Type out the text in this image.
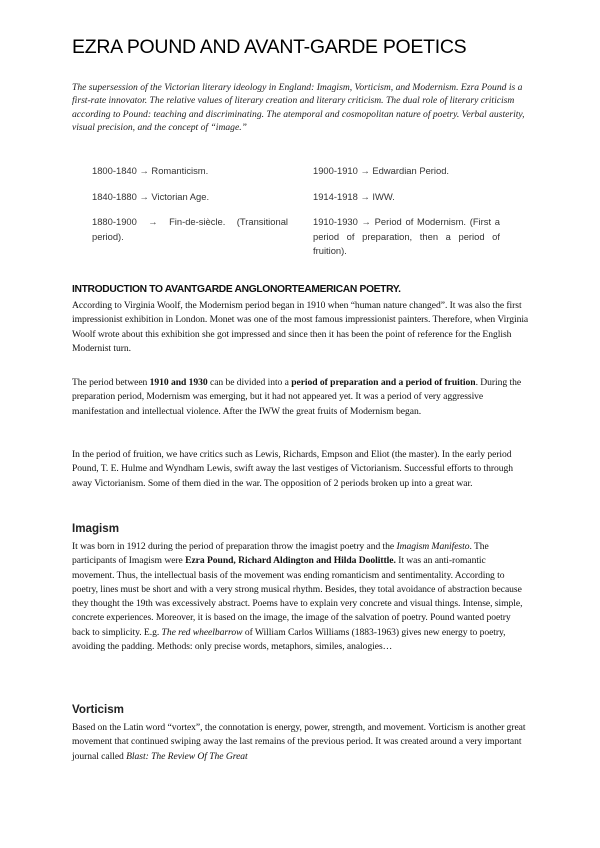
EZRA POUND AND AVANT-GARDE POETICS

The supersession of the Victorian literary ideology in England: Imagism, Vorticism, and Modernism. Ezra Pound is a first-rate innovator. The relative values of literary creation and literary criticism. The dual role of literary criticism according to Pound: teaching and discriminating. The atemporal and cosmopolitan nature of poetry. Verbal austerity, visual precision, and the concept of “image.”

1800-1840 → Romanticism.

1840-1880 → Victorian Age.

1880-1900 → Fin-de-siècle. (Transitional period).

1900-1910 → Edwardian Period.

1914-1918 → IWW.

1910-1930 → Period of Modernism. (First a period of preparation, then a period of fruition).

INTRODUCTION TO AVANTGARDE ANGLONORTEAMERICAN POETRY.

According to Virginia Woolf, the Modernism period began in 1910 when “human nature changed”. It was also the first impressionist exhibition in London. Monet was one of the most famous impressionist painters. Therefore, when Virginia Woolf wrote about this exhibition she got impressed and since then it has been the point of reference for the English Modernist turn.

The period between 1910 and 1930 can be divided into a period of preparation and a period of fruition. During the preparation period, Modernism was emerging, but it had not appeared yet. It was a period of very aggressive manifestation and intellectual violence. After the IWW the great fruits of Modernism began.

In the period of fruition, we have critics such as Lewis, Richards, Empson and Eliot (the master). In the early period Pound, T. E. Hulme and Wyndham Lewis, swift away the last vestiges of Victorianism. Successful efforts to through away Victorianism. Some of them died in the war. The opposition of 2 periods broken up into a great war.

Imagism

It was born in 1912 during the period of preparation throw the imagist poetry and the Imagism Manifesto. The participants of Imagism were Ezra Pound, Richard Aldington and Hilda Doolittle. It was an anti-romantic movement. Thus, the intellectual basis of the movement was ending romanticism and sentimentality. According to poetry, lines must be short and with a very strong musical rhythm. Besides, they total avoidance of abstraction because they thought the 19th was excessively abstract. Poems have to explain very concrete and visual things. Intense, simple, concrete experiences. Moreover, it is based on the image, the image of the salvation of poetry. Pound wanted poetry back to simplicity. E.g. The red wheelbarrow of William Carlos Williams (1883-1963) gives new energy to poetry, avoiding the padding. Methods: only precise words, metaphors, similes, analogies…

Vorticism

Based on the Latin word “vortex”, the connotation is energy, power, strength, and movement. Vorticism is another great movement that continued swiping away the last remains of the previous period. It was created around a very important journal called Blast: The Review Of The Great
